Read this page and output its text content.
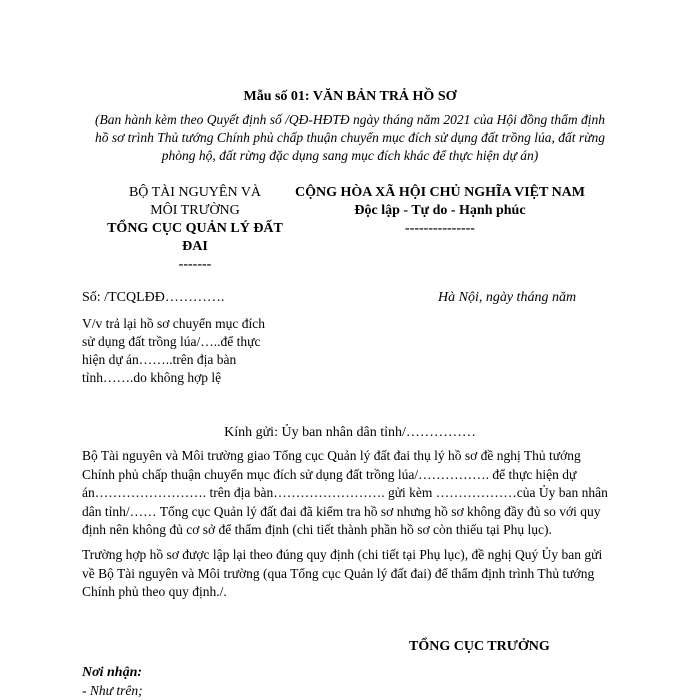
Mẫu số 01: VĂN BẢN TRẢ HỒ SƠ

(Ban hành kèm theo Quyết định số /QĐ-HĐTĐ ngày tháng năm 2021 của Hội đồng thẩm định

hồ sơ trình Thủ tướng Chính phủ chấp thuận chuyển mục đích sử dụng đất trồng lúa, đất rừng

phòng hộ, đất rừng đặc dụng sang mục đích khác để thực hiện dự án)

BỘ TÀI NGUYÊN VÀ

MÔI TRƯỜNG

TỔNG CỤC QUẢN LÝ ĐẤT

ĐAI

-------

CỘNG HÒA XÃ HỘI CHỦ NGHĨA VIỆT NAM

Độc lập - Tự do - Hạnh phúc

---------------

Số: /TCQLĐĐ………….	Hà Nội, ngày tháng năm

V/v trả lại hồ sơ chuyển mục đích

sử dụng đất trồng lúa/…..để thực

hiện dự án……..trên địa bàn

tỉnh…….do không hợp lệ

Kính gửi: Ủy ban nhân dân tỉnh/……………

Bộ Tài nguyên và Môi trường giao Tổng cục Quản lý đất đai thụ lý hồ sơ đề nghị Thủ tướng

Chính phủ chấp thuận chuyển mục đích sử dụng đất trồng lúa/……………. để thực hiện dự

án……………………. trên địa bàn……………………. gửi kèm ………………của Ủy ban nhân

dân tỉnh/…… Tổng cục Quản lý đất đai đã kiểm tra hồ sơ nhưng hồ sơ không đầy đủ so với quy

định nên không đủ cơ sở để thẩm định (chi tiết thành phần hồ sơ còn thiếu tại Phụ lục).

Trường hợp hồ sơ được lập lại theo đúng quy định (chi tiết tại Phụ lục), đề nghị Quý Ủy ban gửi

về Bộ Tài nguyên và Môi trường (qua Tổng cục Quản lý đất đai) để thẩm định trình Thủ tướng

Chính phủ theo quy định./.

TỔNG CỤC TRƯỞNG
Nơi nhận:
- Như trên;
